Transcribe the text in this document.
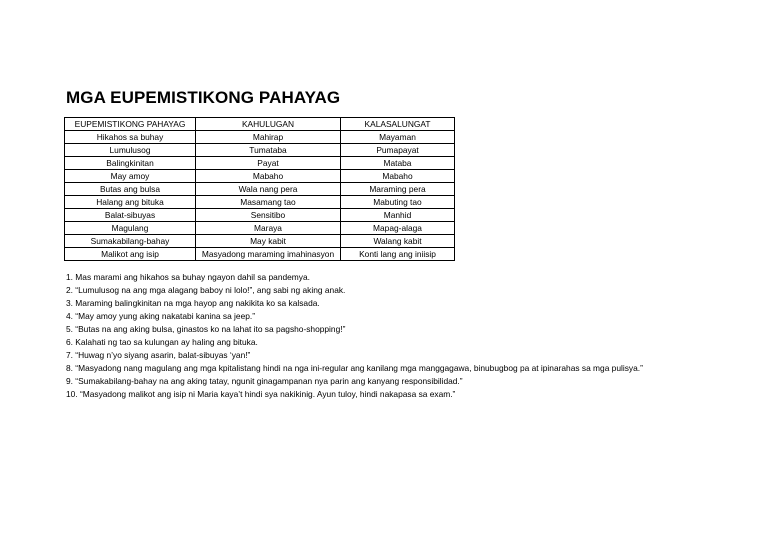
MGA EUPEMISTIKONG PAHAYAG
EUPEMISTIKONG PAHAYAG	KAHULUGAN	KALASALUNGAT
Hikahos sa buhay	Mahirap	Mayaman
Lumulusog	Tumataba	Pumapayat
Balingkinitan	Payat	Mataba
May amoy	Mabaho	Mabaho
Butas ang bulsa	Wala nang pera	Maraming pera
Halang ang bituka	Masamang tao	Mabuting tao
Balat-sibuyas	Sensitibo	Manhid
Magulang	Maraya	Mapag-alaga
Sumakabilang-bahay	May kabit	Walang kabit
Malikot ang isip	Masyadong maraming imahinasyon	Konti lang ang iniisip
1. Mas marami ang hikahos sa buhay ngayon dahil sa pandemya.
2. “Lumulusog na ang mga alagang baboy ni lolo!”, ang sabi ng aking anak.
3. Maraming balingkinitan na mga hayop ang nakikita ko sa kalsada.
4. “May amoy yung aking nakatabi kanina sa jeep.”
5. “Butas na ang aking bulsa, ginastos ko na lahat ito sa pagsho-shopping!”
6. Kalahati ng tao sa kulungan ay haling ang bituka.
7. “Huwag n’yo siyang asarin, balat-sibuyas ‘yan!”
8. “Masyadong nang magulang ang mga kpitalistang hindi na nga ini-regular ang kanilang mga manggagawa, binubugbog pa at ipinarahas sa mga pulisya.”
9. “Sumakabilang-bahay na ang aking tatay, ngunit ginagampanan nya parin ang kanyang responsibilidad.”
10. “Masyadong malikot ang isip ni Maria kaya’t hindi sya nakikinig. Ayun tuloy, hindi nakapasa sa exam.”
